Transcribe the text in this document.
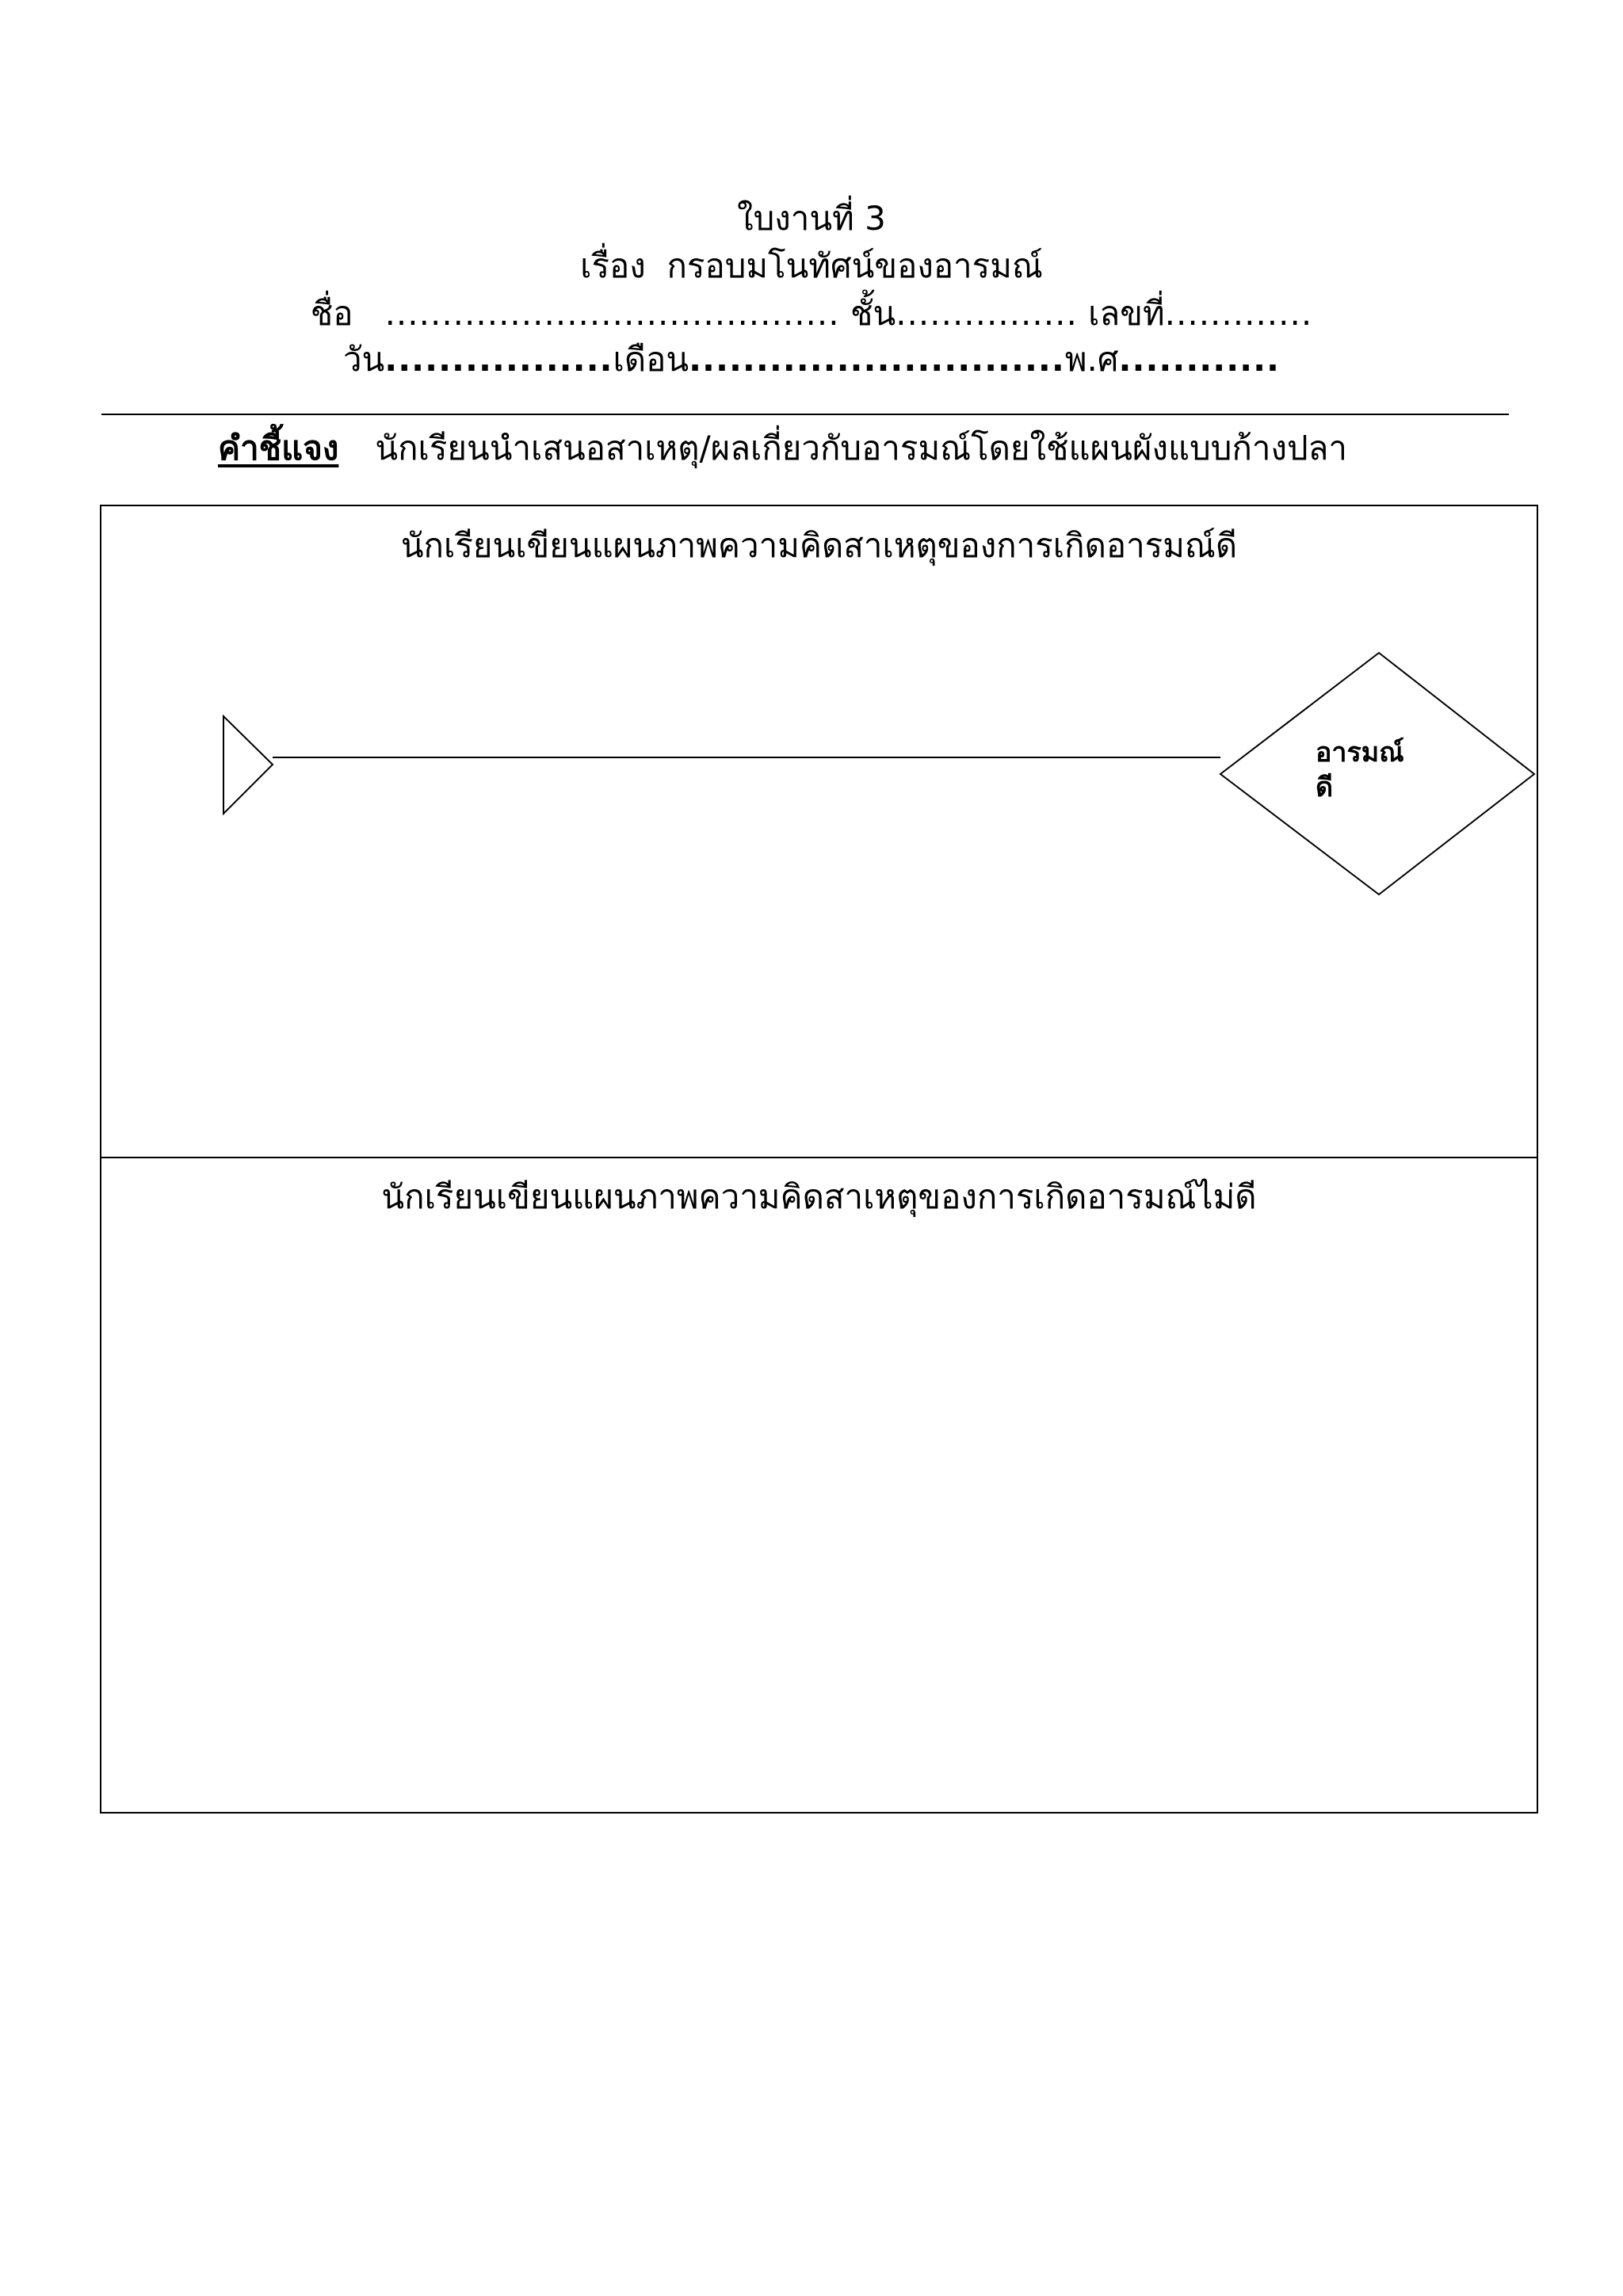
ใบงานที่ 3
เรื่อง กรอบมโนทัศน์ของอารมณ์
ชื่อ ........................................ ชั้น................ เลขที่.............
วัน.................เดือน............................พ.ศ............
คำชี้แจง นักเรียนนำเสนอสาเหตุ/ผลเกี่ยวกับอารมณ์โดยใช้แผนผังแบบก้างปลา
นักเรียนเขียนแผนภาพความคิดสาเหตุของการเกิดอารมณ์ดี
อารมณ์
ดี
นักเรียนเขียนแผนภาพความคิดสาเหตุของการเกิดอารมณ์ไม่ดี
